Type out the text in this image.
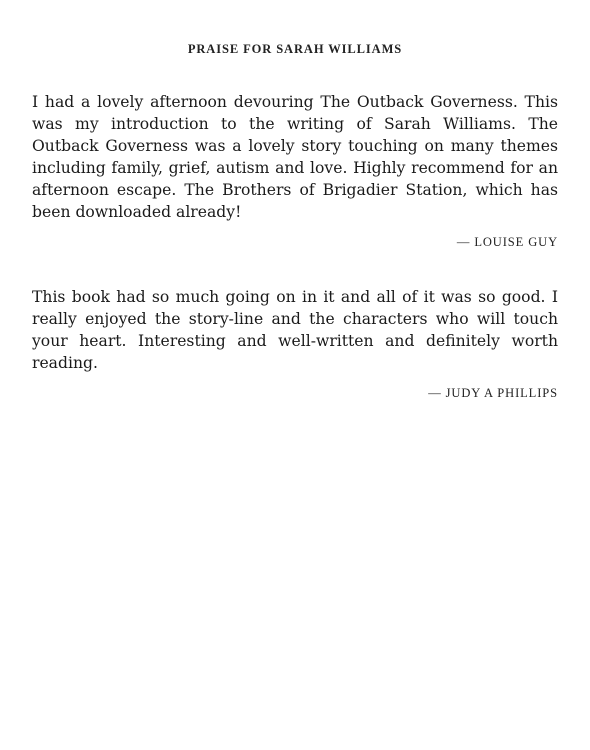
PRAISE FOR SARAH WILLIAMS

I had a lovely afternoon devouring The Outback Governess. This was my introduction to the writing of Sarah Williams. The Outback Governess was a lovely story touching on many themes including family, grief, autism and love. Highly recommend for an afternoon escape. The Brothers of Brigadier Station, which has been downloaded already!

— LOUISE GUY

This book had so much going on in it and all of it was so good. I really enjoyed the story-line and the characters who will touch your heart. Interesting and well-written and definitely worth reading.

— JUDY A PHILLIPS
